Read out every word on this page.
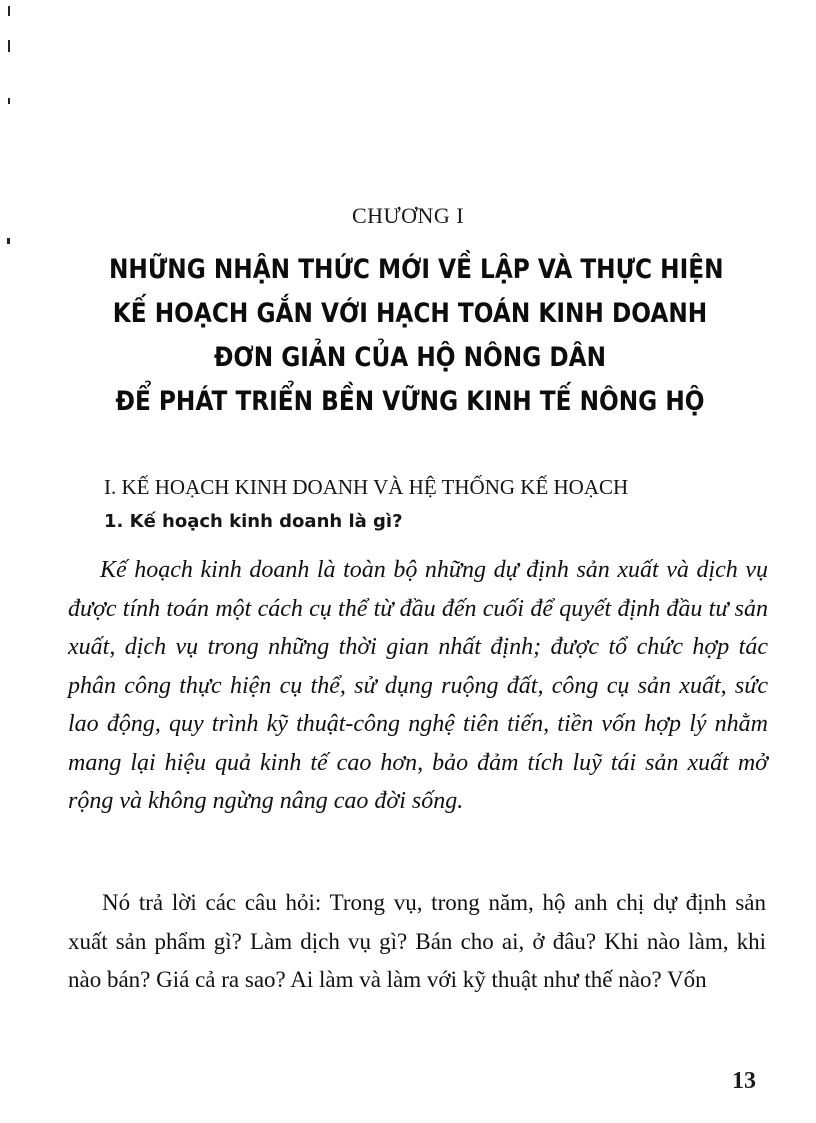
CHƯƠNG I
NHỮNG NHẬN THỨC MỚI VỀ LẬP VÀ THỰC HIỆN
KẾ HOẠCH GẮN VỚI HẠCH TOÁN KINH DOANH
ĐƠN GIẢN CỦA HỘ NÔNG DÂN
ĐỂ PHÁT TRIỂN BỀN VỮNG KINH TẾ NÔNG HỘ
I. KẾ HOẠCH KINH DOANH VÀ HỆ THỐNG KẾ HOẠCH
1. Kế hoạch kinh doanh là gì?

Kế hoạch kinh doanh là toàn bộ những dự định sản xuất và dịch vụ được tính toán một cách cụ thể từ đầu đến cuối để quyết định đầu tư sản xuất, dịch vụ trong những thời gian nhất định; được tổ chức hợp tác phân công thực hiện cụ thể, sử dụng ruộng đất, công cụ sản xuất, sức lao động, quy trình kỹ thuật-công nghệ tiên tiến, tiền vốn hợp lý nhằm mang lại hiệu quả kinh tế cao hơn, bảo đảm tích luỹ tái sản xuất mở rộng và không ngừng nâng cao đời sống.

Nó trả lời các câu hỏi: Trong vụ, trong năm, hộ anh chị dự định sản xuất sản phẩm gì? Làm dịch vụ gì? Bán cho ai, ở đâu? Khi nào làm, khi nào bán? Giá cả ra sao? Ai làm và làm với kỹ thuật như thế nào? Vốn

13
